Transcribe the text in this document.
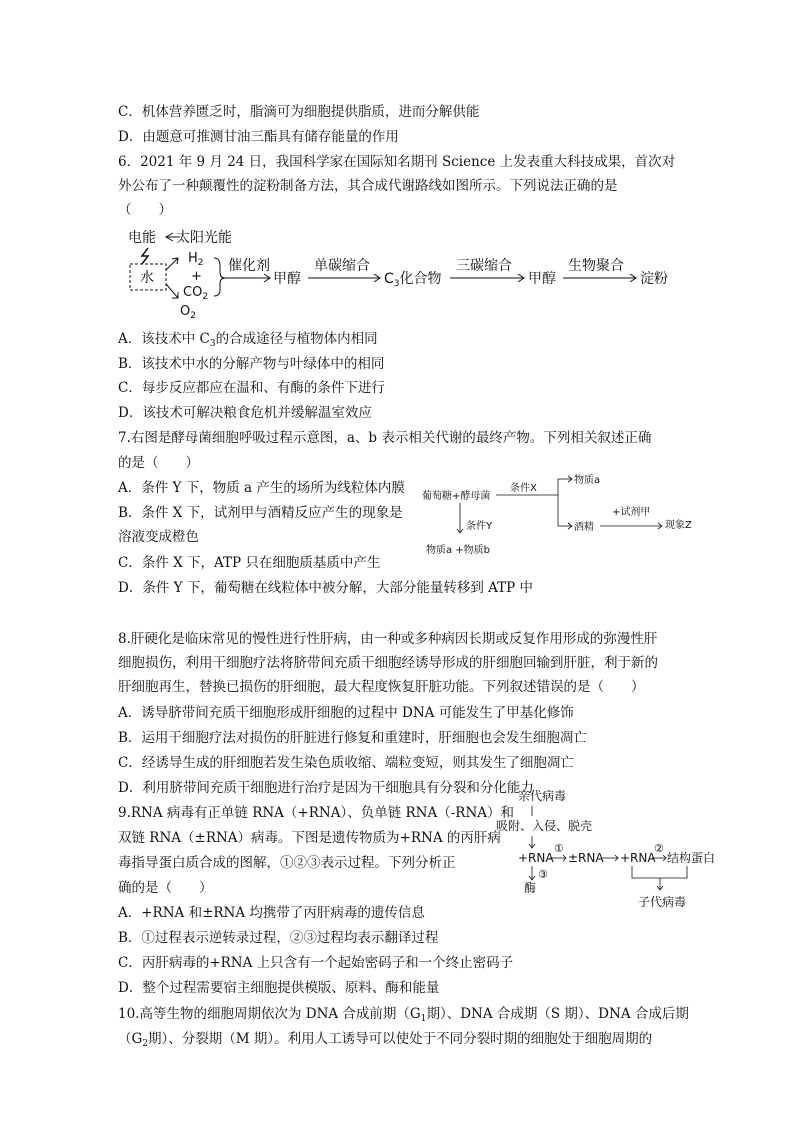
C．机体营养匮乏时，脂滴可为细胞提供脂质，进而分解供能
D．由题意可推测甘油三酯具有储存能量的作用
6．2021 年 9 月 24 日，我国科学家在国际知名期刊 Science 上发表重大科技成果，首次对
外公布了一种颠覆性的淀粉制备方法，其合成代谢路线如图所示。下列说法正确的是
（　　）
电能 太阳光能
水
$H_2$
+
$CO_2$
$O_2$
催化剂
甲醇
单碳缩合
$C_3$化合物
三碳缩合
甲醇
生物聚合
淀粉
A．该技术中 $C_3$的合成途径与植物体内相同
B．该技术中水的分解产物与叶绿体中的相同
C．每步反应都应在温和、有酶的条件下进行
D．该技术可解决粮食危机并缓解温室效应
7.右图是酵母菌细胞呼吸过程示意图，a、b 表示相关代谢的最终产物。下列相关叙述正确
的是（　　）
A．条件 Y 下，物质 a 产生的场所为线粒体内膜
B．条件 X 下，试剂甲与酒精反应产生的现象是
溶液变成橙色
C．条件 X 下，ATP 只在细胞质基质中产生
D．条件 Y 下，葡萄糖在线粒体中被分解，大部分能量转移到 ATP 中
葡萄糖+酵母菌
条件X
物质a
酒精
+试剂甲
现象Z
条件Y
物质a +物质b
8.肝硬化是临床常见的慢性进行性肝病，由一种或多种病因长期或反复作用形成的弥漫性肝
细胞损伤，利用干细胞疗法将脐带间充质干细胞经诱导形成的肝细胞回输到肝脏，利于新的
肝细胞再生，替换已损伤的肝细胞，最大程度恢复肝脏功能。下列叙述错误的是（　　）
A．诱导脐带间充质干细胞形成肝细胞的过程中 DNA 可能发生了甲基化修饰
B．运用干细胞疗法对损伤的肝脏进行修复和重建时，肝细胞也会发生细胞凋亡
C．经诱导生成的肝细胞若发生染色质收缩、端粒变短，则其发生了细胞凋亡
D．利用脐带间充质干细胞进行治疗是因为干细胞具有分裂和分化能力
9.RNA 病毒有正单链 RNA（+RNA）、负单链 RNA（-RNA）和
双链 RNA（±RNA）病毒。下图是遗传物质为+RNA 的丙肝病
毒指导蛋白质合成的图解，①②③表示过程。下列分析正
确的是（　　）
A．+RNA 和±RNA 均携带了丙肝病毒的遗传信息
B．①过程表示逆转录过程，②③过程均表示翻译过程
C．丙肝病毒的+RNA 上只含有一个起始密码子和一个终止密码子
D．整个过程需要宿主细胞提供模版、原料、酶和能量
亲代病毒
吸附、入侵、脱壳
+RNA
①
±RNA +RNA
②
结构蛋白
③
酶
子代病毒
10.高等生物的细胞周期依次为 DNA 合成前期（$G_1$期）、DNA 合成期（S 期）、DNA 合成后期
（$G_2$期）、分裂期（M 期）。利用人工诱导可以使处于不同分裂时期的细胞处于细胞周期的
